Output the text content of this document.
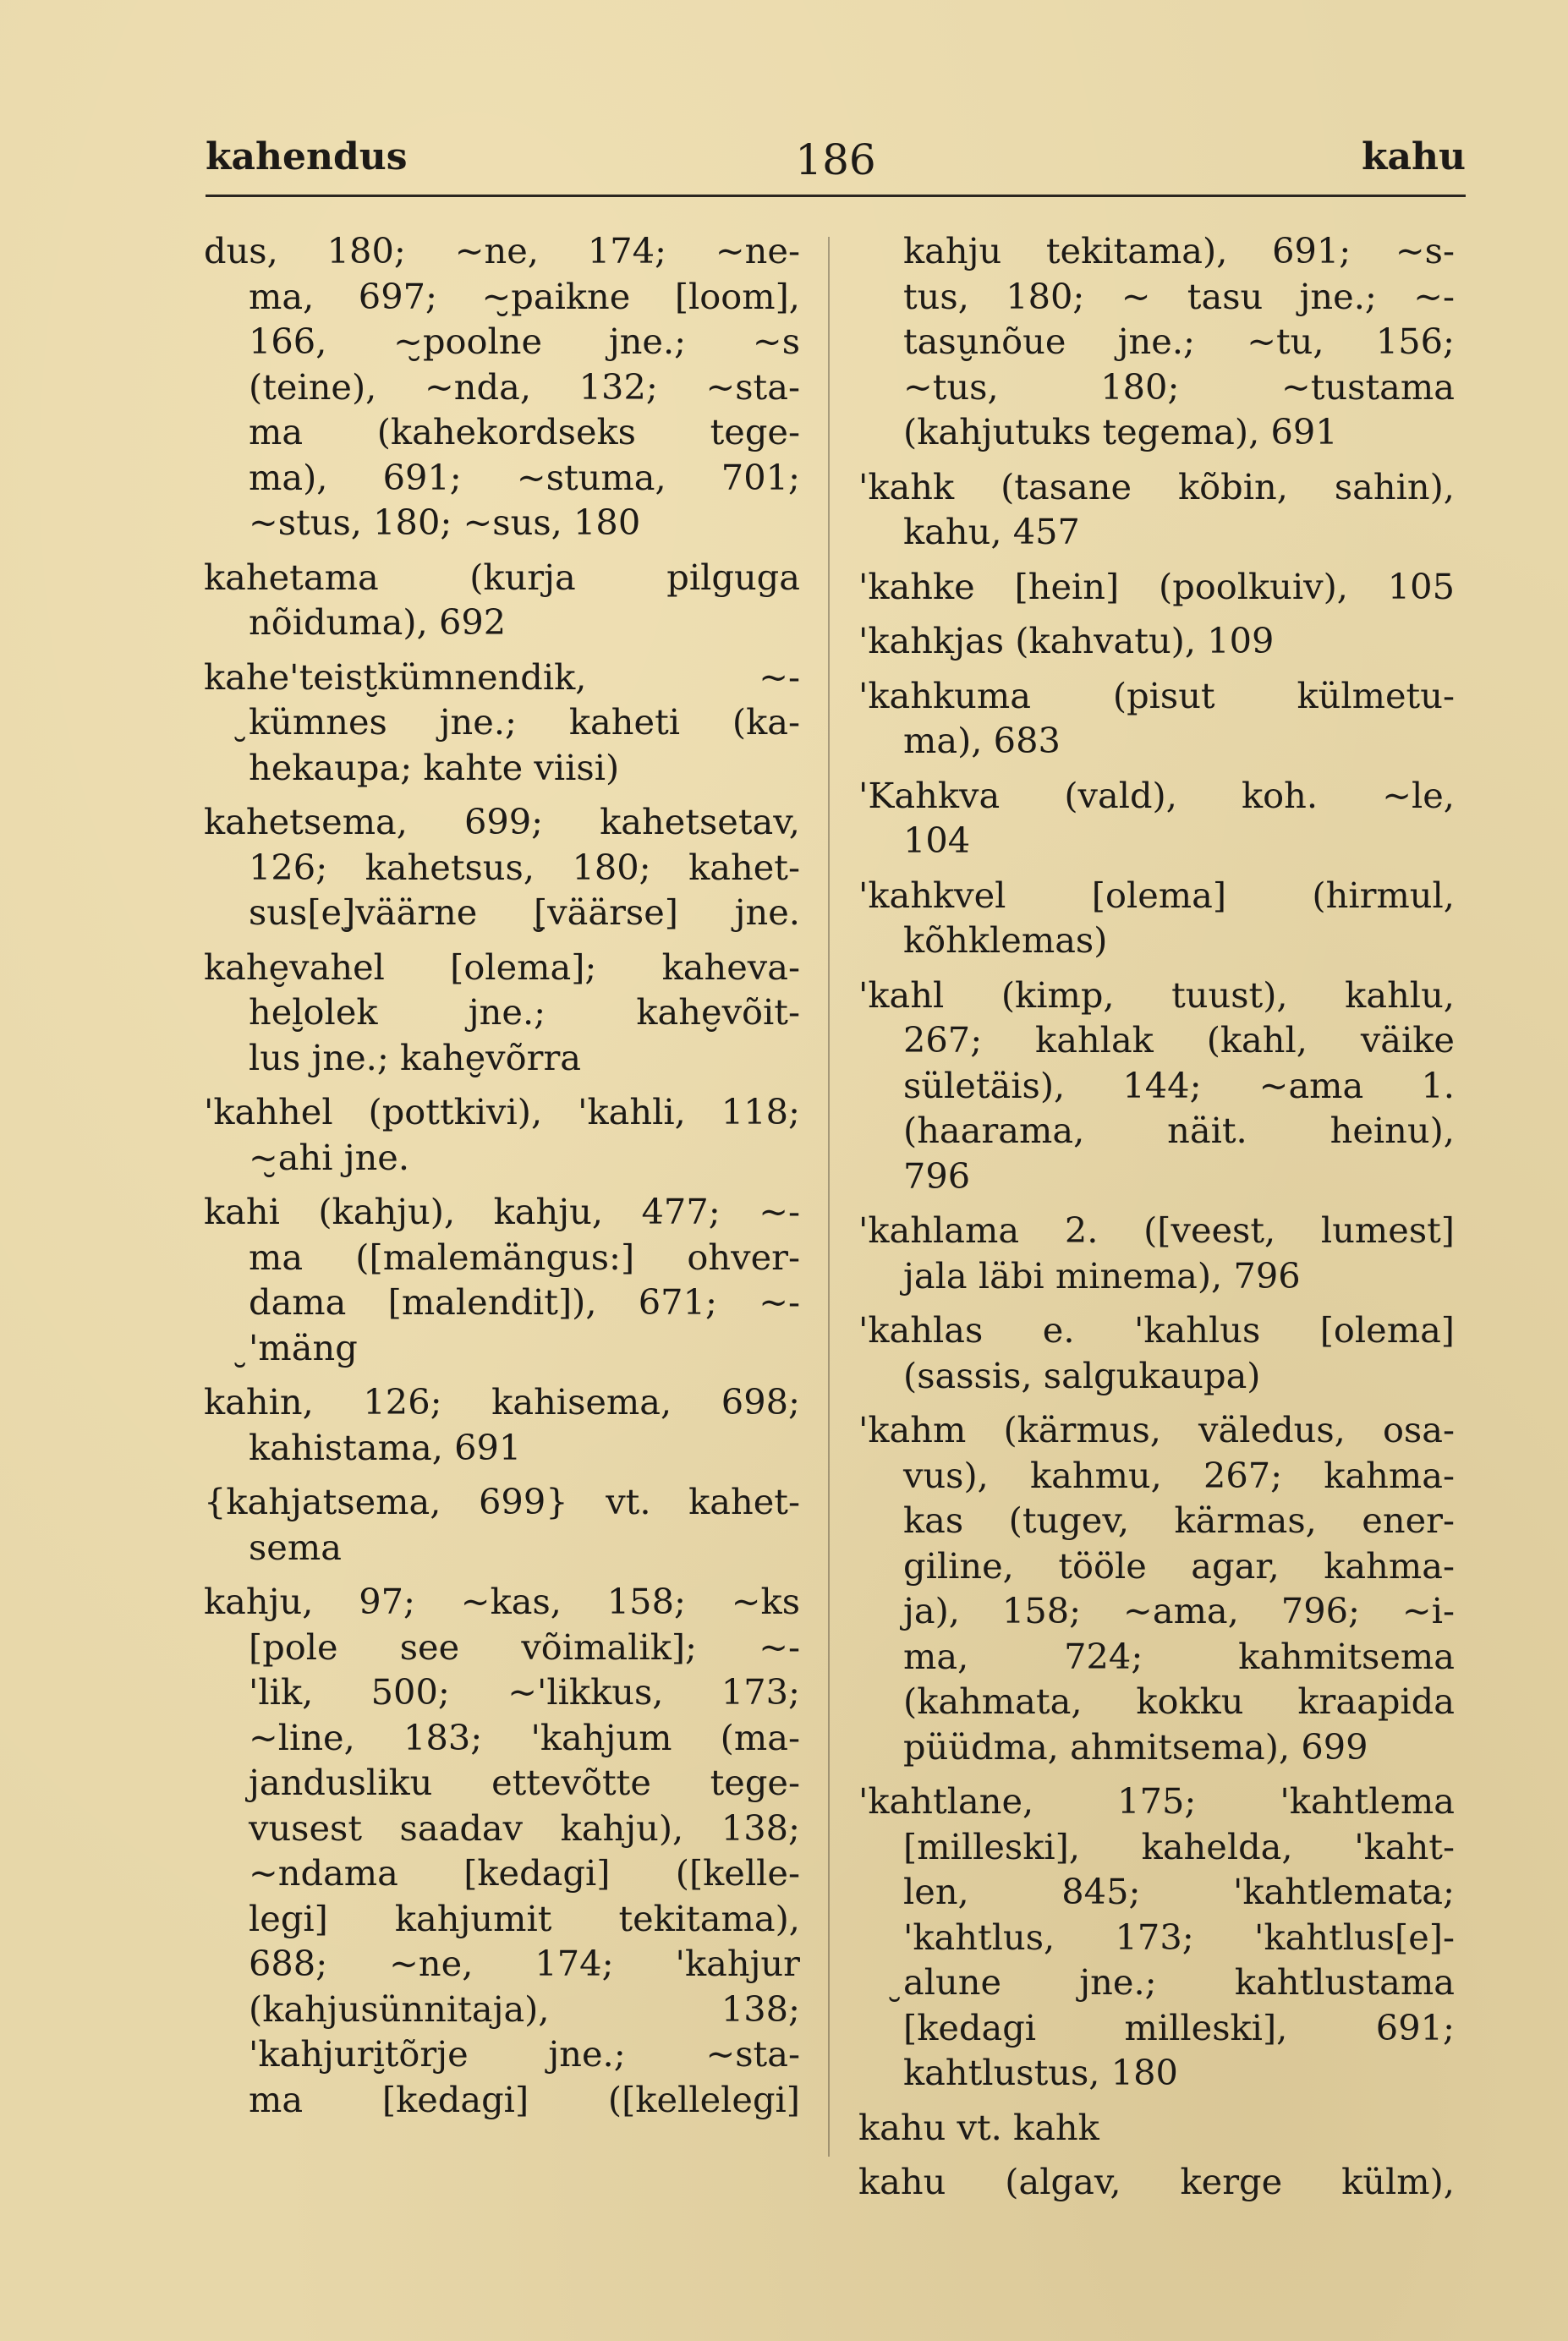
kahendus	186	kahu
dus, 180; ~ne, 174; ~ne-
ma, 697; ~̮paikne [loom],
166, ~̮poolne jne.; ~s
(teine), ~nda, 132; ~sta-
ma (kahekordseks tege-
ma), 691; ~stuma, 701;
~stus, 180; ~sus, 180
kahetama (kurja pilguga
nõiduma), 692
kahe'teist̮kümnendik, ~-
̮kümnes jne.; kaheti (ka-
hekaupa; kahte viisi)
kahetsema, 699; kahetsetav,
126; kahetsus, 180; kahet-
sus[e]̮väärne [̮väärse] jne.
kahe̮vahel [olema]; kaheva-
hel̮olek jne.; kahe̮võit-
lus jne.; kahe̮võrra
'kahhel (pottkivi), 'kahli, 118;
~̮ahi jne.
kahi (kahju), kahju, 477; ~-
ma ([malemängus:] ohver-
dama [malendit]), 671; ~-
̮'mäng
kahin, 126; kahisema, 698;
kahistama, 691
{kahjatsema, 699} vt. kahet-
sema
kahju, 97; ~kas, 158; ~ks
[pole see võimalik]; ~-
'lik, 500; ~'likkus, 173;
~line, 183; 'kahjum (ma-
jandusliku ettevõtte tege-
vusest saadav kahju), 138;
~ndama [kedagi] ([kelle-
legi] kahjumit tekitama),
688; ~ne, 174; 'kahjur
(kahjusünnitaja), 138;
'kahjuri̮tõrje jne.; ~sta-
ma [kedagi] ([kellelegi]
kahju tekitama), 691; ~s-
tus, 180; ~ tasu jne.; ~-
tasu̮nõue jne.; ~tu, 156;
~tus, 180; ~tustama
(kahjutuks tegema), 691
'kahk (tasane kõbin, sahin),
kahu, 457
'kahke [hein] (poolkuiv), 105
'kahkjas (kahvatu), 109
'kahkuma (pisut külmetu-
ma), 683
'Kahkva (vald), koh. ~le,
104
'kahkvel [olema] (hirmul,
kõhklemas)
'kahl (kimp, tuust), kahlu,
267; kahlak (kahl, väike
sületäis), 144; ~ama 1.
(haarama, näit. heinu),
796
'kahlama 2. ([veest, lumest]
jala läbi minema), 796
'kahlas e. 'kahlus [olema]
(sassis, salgukaupa)
'kahm (kärmus, väledus, osa-
vus), kahmu, 267; kahma-
kas (tugev, kärmas, ener-
giline, tööle agar, kahma-
ja), 158; ~ama, 796; ~i-
ma, 724; kahmitsema
(kahmata, kokku kraapida
püüdma, ahmitsema), 699
'kahtlane, 175; 'kahtlema
[milleski], kahelda, 'kaht-
len, 845; 'kahtlemata;
'kahtlus, 173; 'kahtlus[e]-
̮alune jne.; kahtlustama
[kedagi milleski], 691;
kahtlustus, 180
kahu vt. kahk
kahu (algav, kerge külm),
